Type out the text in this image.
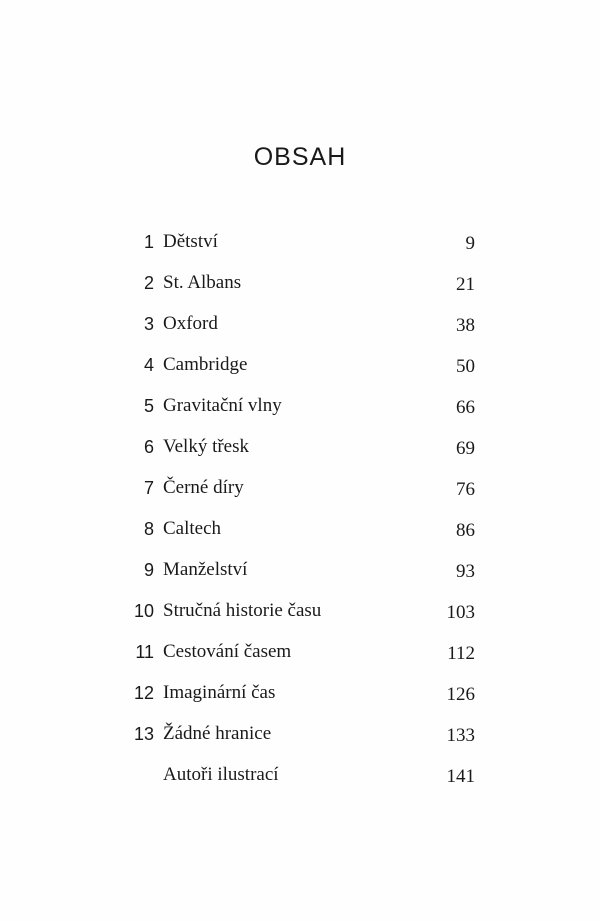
OBSAH
1 Dětství	9
2 St. Albans	21
3 Oxford	38
4 Cambridge	50
5 Gravitační vlny	66
6 Velký třesk	69
7 Černé díry	76
8 Caltech	86
9 Manželství	93
10 Stručná historie času	103
11 Cestování časem	112
12 Imaginární čas	126
13 Žádné hranice	133
Autoři ilustrací	141
